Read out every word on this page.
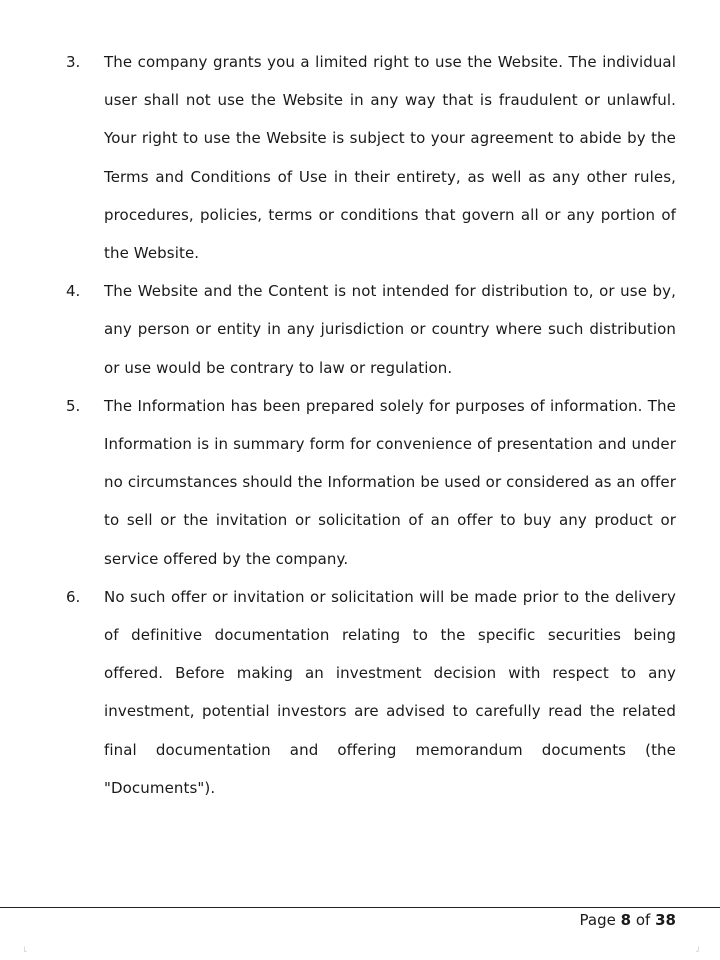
3. The company grants you a limited right to use the Website. The individual user shall not use the Website in any way that is fraudulent or unlawful. Your right to use the Website is subject to your agreement to abide by the Terms and Conditions of Use in their entirety, as well as any other rules, procedures, policies, terms or conditions that govern all or any portion of the Website.

4. The Website and the Content is not intended for distribution to, or use by, any person or entity in any jurisdiction or country where such distribution or use would be contrary to law or regulation.

5. The Information has been prepared solely for purposes of information. The Information is in summary form for convenience of presentation and under no circumstances should the Information be used or considered as an offer to sell or the invitation or solicitation of an offer to buy any product or service offered by the company.

6. No such offer or invitation or solicitation will be made prior to the delivery of definitive documentation relating to the specific securities being offered. Before making an investment decision with respect to any investment, potential investors are advised to carefully read the related final documentation and offering memorandum documents (the "Documents").

Page 8 of 38
└	┘
